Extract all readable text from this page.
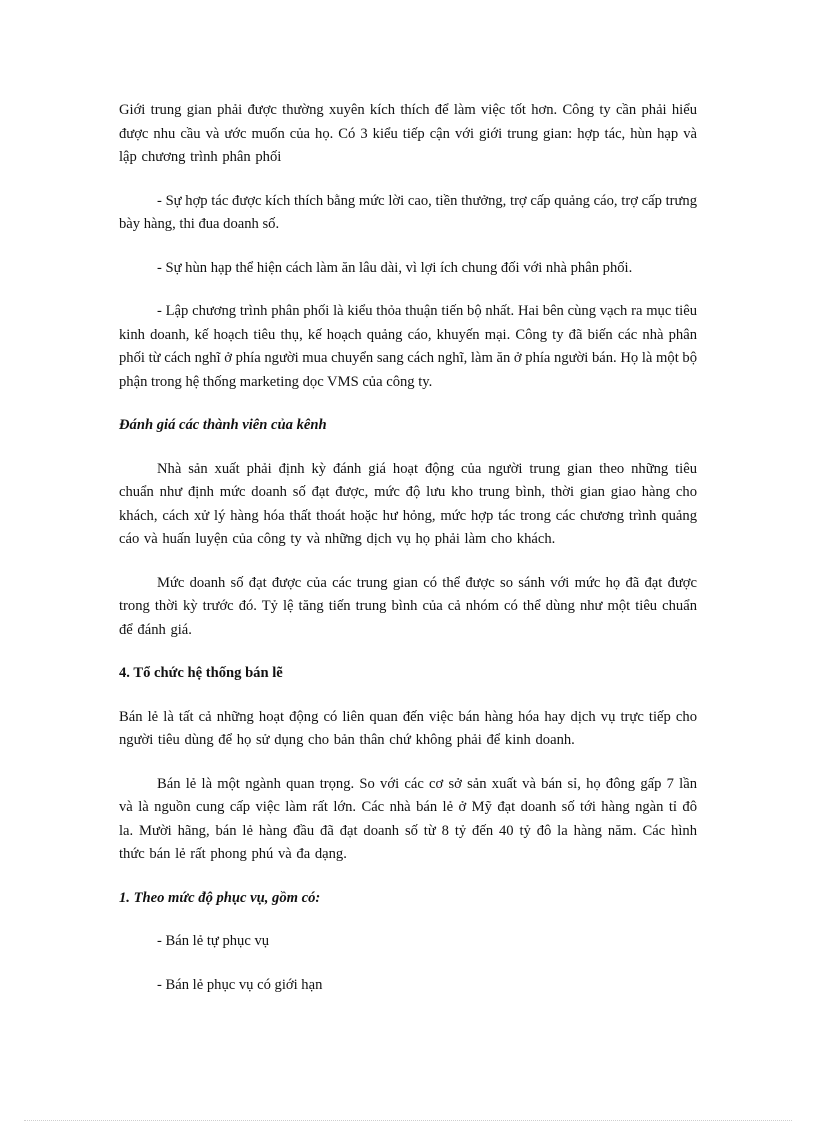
Giới trung gian phải được thường xuyên kích thích để làm việc tốt hơn. Công ty cần phải hiểu được nhu cầu và ước muốn của họ. Có 3 kiểu tiếp cận với giới trung gian: hợp tác, hùn hạp và lập chương trình phân phối

- Sự hợp tác được kích thích bằng mức lời cao, tiền thưởng, trợ cấp quảng cáo, trợ cấp trưng bày hàng, thi đua doanh số.

- Sự hùn hạp thể hiện cách làm ăn lâu dài, vì lợi ích chung đối với nhà phân phối.

- Lập chương trình phân phối là kiểu thỏa thuận tiến bộ nhất. Hai bên cùng vạch ra mục tiêu kinh doanh, kế hoạch tiêu thụ, kế hoạch quảng cáo, khuyến mại. Công ty đã biến các nhà phân phối từ cách nghĩ ở phía người mua chuyển sang cách nghĩ, làm ăn ở phía người bán. Họ là một bộ phận trong hệ thống marketing dọc VMS của công ty.

Đánh giá các thành viên của kênh

Nhà sản xuất phải định kỳ đánh giá hoạt động của người trung gian theo những tiêu chuẩn như định mức doanh số đạt được, mức độ lưu kho trung bình, thời gian giao hàng cho khách, cách xử lý hàng hóa thất thoát hoặc hư hỏng, mức hợp tác trong các chương trình quảng cáo và huấn luyện của công ty và những dịch vụ họ phải làm cho khách.

Mức doanh số đạt được của các trung gian có thể được so sánh với mức họ đã đạt được trong thời kỳ trước đó. Tỷ lệ tăng tiến trung bình của cả nhóm có thể dùng như một tiêu chuẩn để đánh giá.

4. Tổ chức hệ thống bán lẽ

Bán lẻ là tất cả những hoạt động có liên quan đến việc bán hàng hóa hay dịch vụ trực tiếp cho người tiêu dùng để họ sử dụng cho bản thân chứ không phải để kinh doanh.

Bán lẻ là một ngành quan trọng. So với các cơ sở sản xuất và bán sỉ, họ đông gấp 7 lần và là nguồn cung cấp việc làm rất lớn. Các nhà bán lẻ ở Mỹ đạt doanh số tới hàng ngàn tỉ đô la. Mười hãng, bán lẻ hàng đầu đã đạt doanh số từ 8 tỷ đến 40 tỷ đô la hàng năm. Các hình thức bán lẻ rất phong phú và đa dạng.

1. Theo mức độ phục vụ, gồm có:

- Bán lẻ tự phục vụ

- Bán lẻ phục vụ có giới hạn
